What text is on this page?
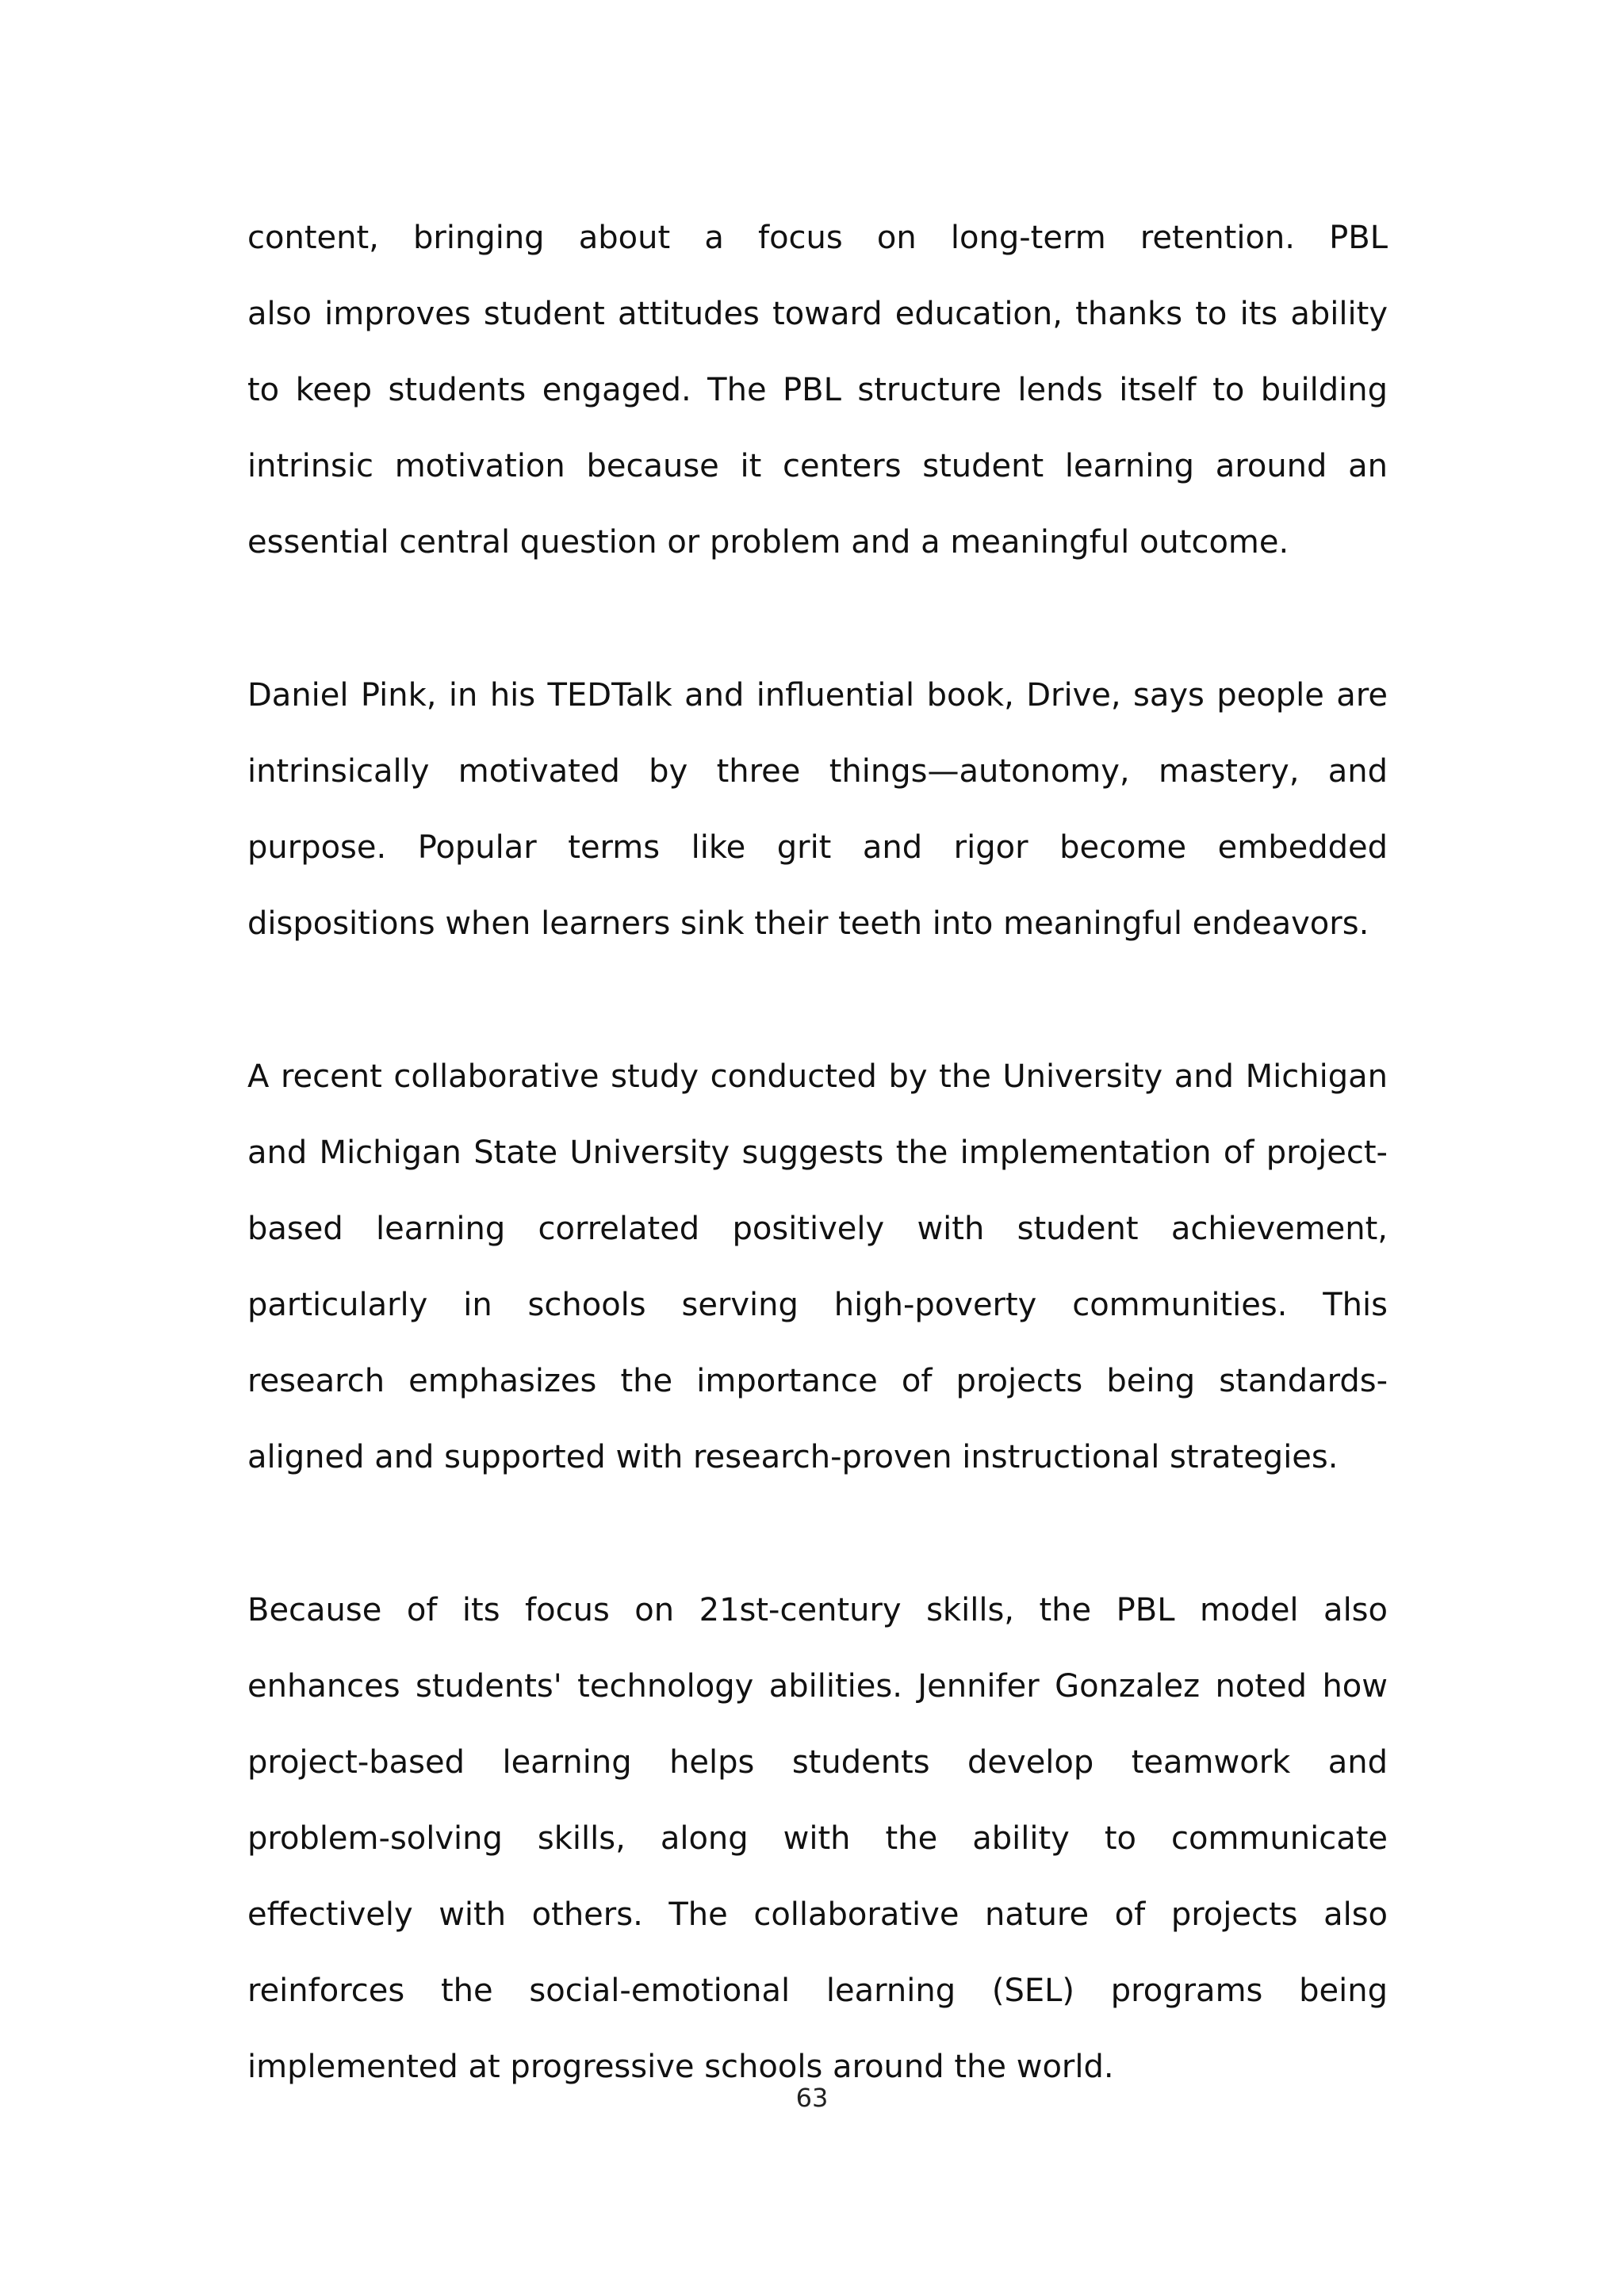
content, bringing about a focus on long-term retention. PBL
also improves student attitudes toward education, thanks to its ability
to keep students engaged. The PBL structure lends itself to building
intrinsic motivation because it centers student learning around an
essential central question or problem and a meaningful outcome.

Daniel Pink, in his TEDTalk and influential book, Drive, says people are
intrinsically motivated by three things—autonomy, mastery, and
purpose. Popular terms like grit and rigor become embedded
dispositions when learners sink their teeth into meaningful endeavors.

A recent collaborative study conducted by the University and Michigan
and Michigan State University suggests the implementation of project-
based learning correlated positively with student achievement,
particularly in schools serving high-poverty communities. This
research emphasizes the importance of projects being standards-
aligned and supported with research-proven instructional strategies.

Because of its focus on 21st-century skills, the PBL model also
enhances students' technology abilities. Jennifer Gonzalez noted how
project-based learning helps students develop teamwork and
problem-solving skills, along with the ability to communicate
effectively with others. The collaborative nature of projects also
reinforces the social-emotional learning (SEL) programs being
implemented at progressive schools around the world.

63
